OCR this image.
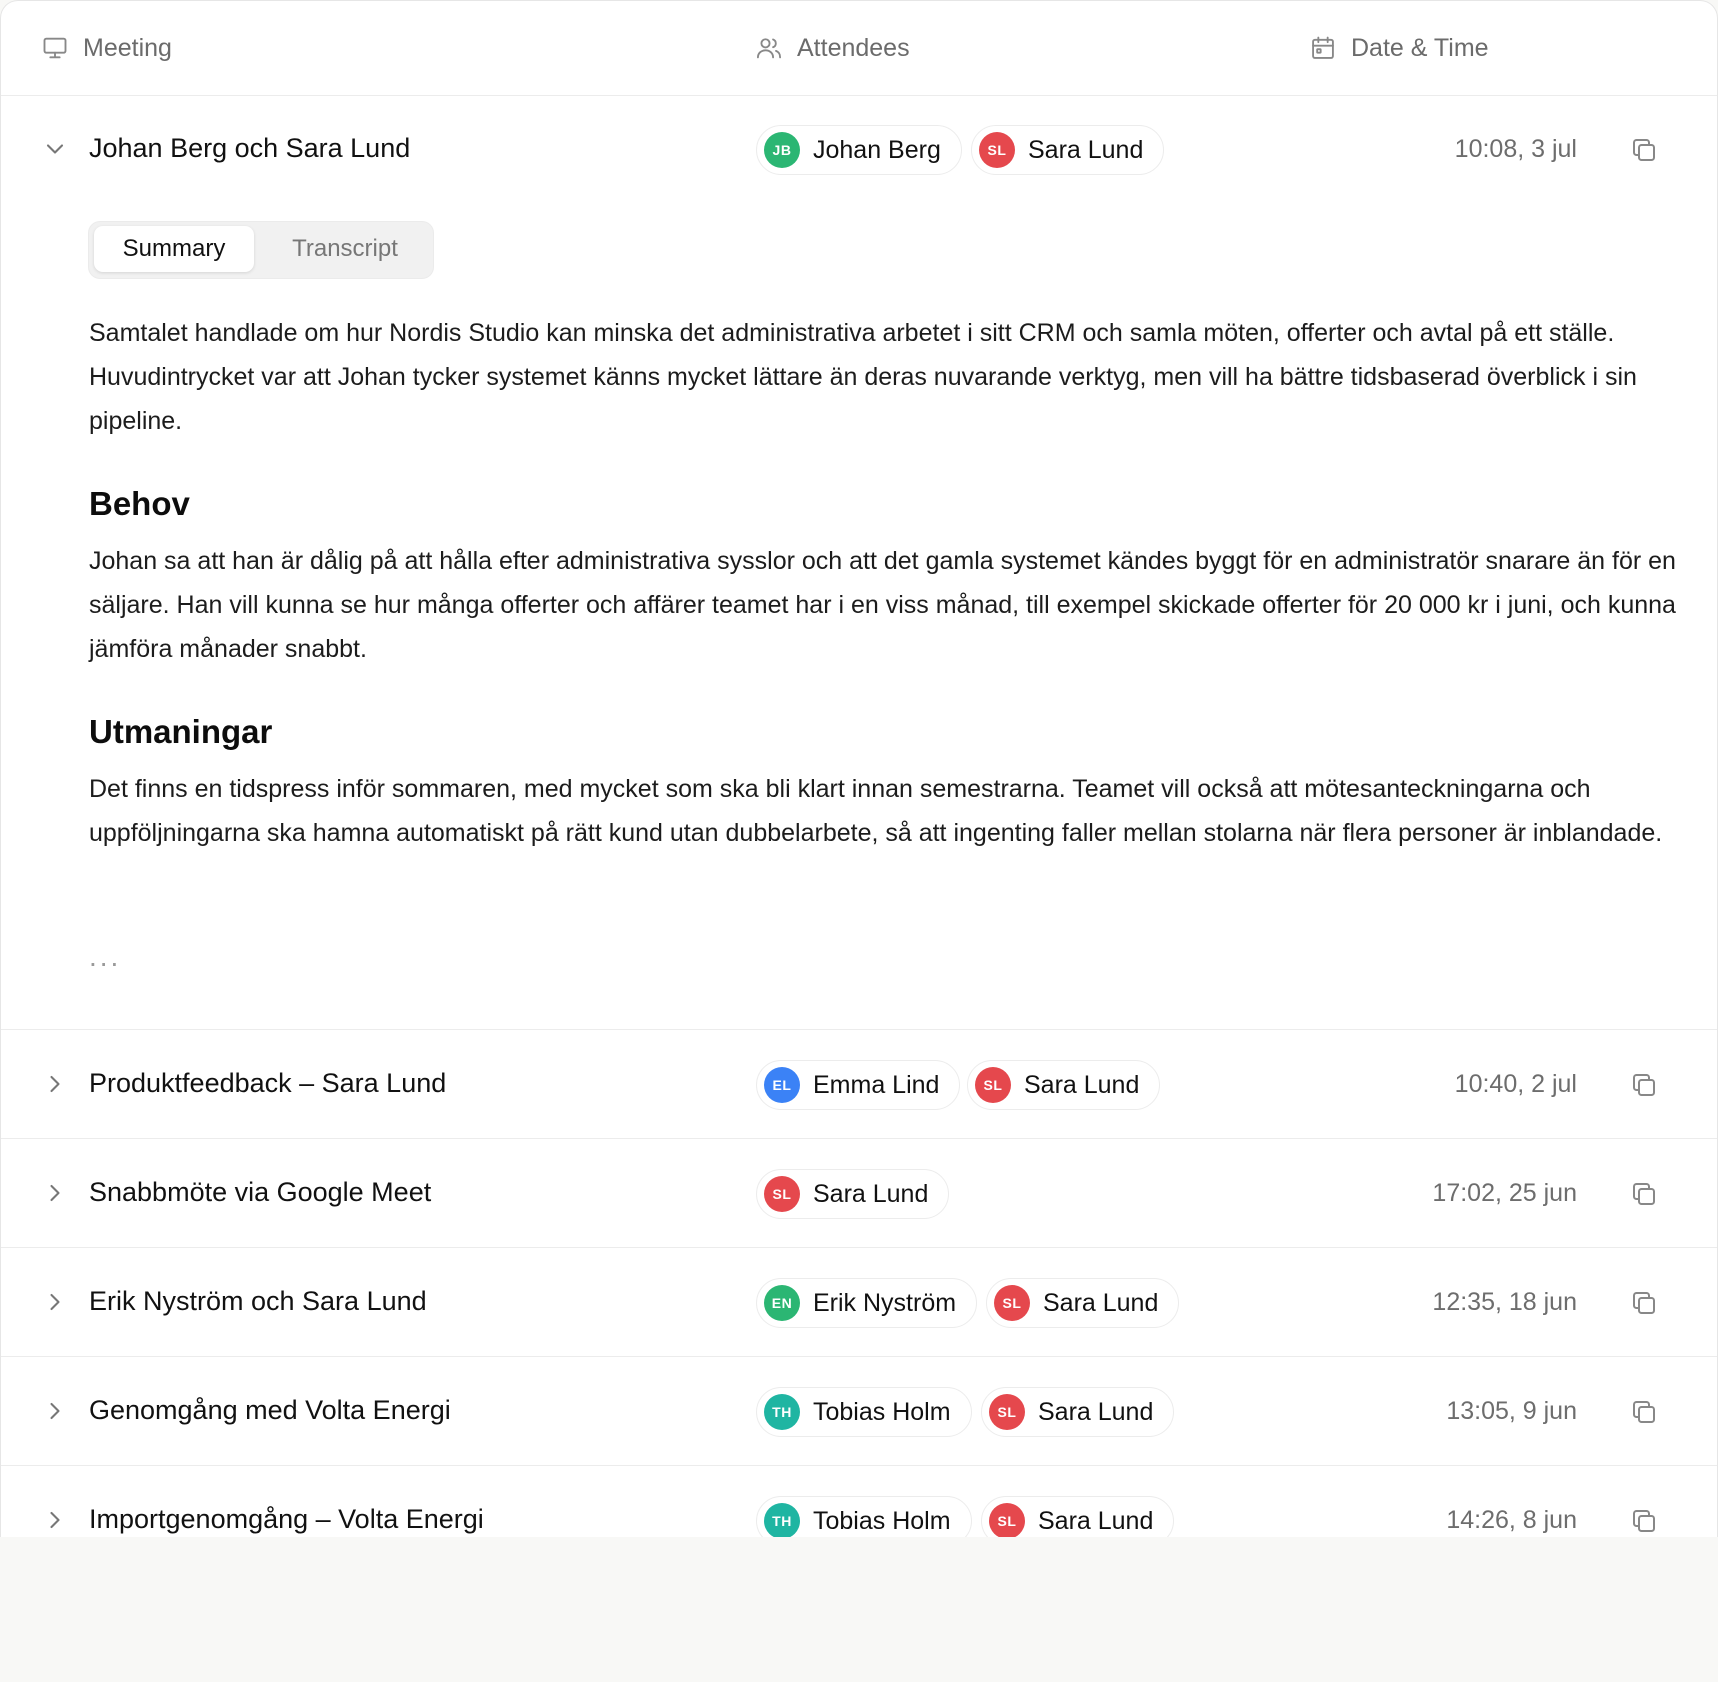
Meeting	Attendees	Date & Time
Johan Berg och Sara Lund	JB Johan Berg	SL Sara Lund	10:08, 3 jul
Summary	Transcript
Samtalet handlade om hur Nordis Studio kan minska det administrativa arbetet i sitt CRM och samla möten, offerter och avtal på ett ställe. Huvudintrycket var att Johan tycker systemet känns mycket lättare än deras nuvarande verktyg, men vill ha bättre tidsbaserad överblick i sin pipeline.
Behov
Johan sa att han är dålig på att hålla efter administrativa sysslor och att det gamla systemet kändes byggt för en administratör snarare än för en säljare. Han vill kunna se hur många offerter och affärer teamet har i en viss månad, till exempel skickade offerter för 20 000 kr i juni, och kunna jämföra månader snabbt.
Utmaningar
Det finns en tidspress inför sommaren, med mycket som ska bli klart innan semestrarna. Teamet vill också att mötesanteckningarna och uppföljningarna ska hamna automatiskt på rätt kund utan dubbelarbete, så att ingenting faller mellan stolarna när flera personer är inblandade.
...
Produktfeedback – Sara Lund	EL Emma Lind	SL Sara Lund	10:40, 2 jul
Snabbmöte via Google Meet	SL Sara Lund	17:02, 25 jun
Erik Nyström och Sara Lund	EN Erik Nyström	SL Sara Lund	12:35, 18 jun
Genomgång med Volta Energi	TH Tobias Holm	SL Sara Lund	13:05, 9 jun
Importgenomgång – Volta Energi	TH Tobias Holm	SL Sara Lund	14:26, 8 jun
